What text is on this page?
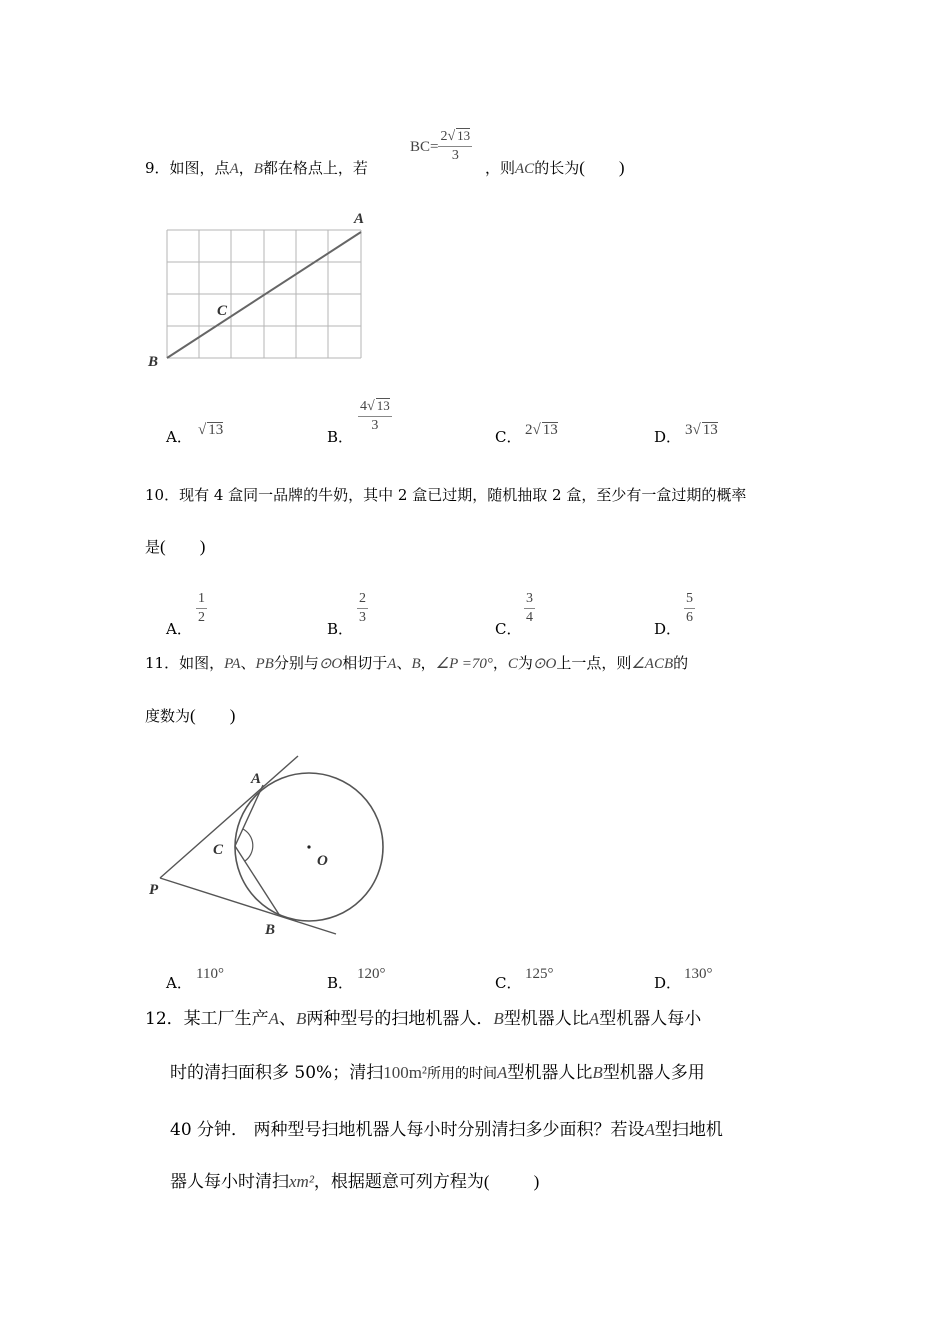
9．如图，点A，B都在格点上，若
$BC= \frac{2√ 13}{3}$
，则AC的长为( )
A
B
C
A． √ 13	B．
$\frac{4√ 13}{3}$
C． 2√ 13	D． 3√ 13
10．现有 4 盒同一品牌的牛奶，其中 2 盒已过期，随机抽取 2 盒，至少有一盒过期的概率
是( )
A．
$\frac{1}{2}$
B．
$\frac{2}{3}$
C．
$\frac{3}{4}$
D．
$\frac{5}{6}$
11．如图，PA、PB分别与⊙O相切于A、B，∠P =70°，C为⊙O上一点，则∠ACB的
度数为( )
A
B
C
P
O
A． 110°	B． 120°	C． 125°	D． 130°
12．某工厂生产A、B两种型号的扫地机器人．B型机器人比A型机器人每小
时的清扫面积多 50%；清扫100m²所用的时间A型机器人比B型机器人多用
40 分钟． 两种型号扫地机器人每小时分别清扫多少面积？若设A型扫地机
器人每小时清扫xm²，根据题意可列方程为(	)
